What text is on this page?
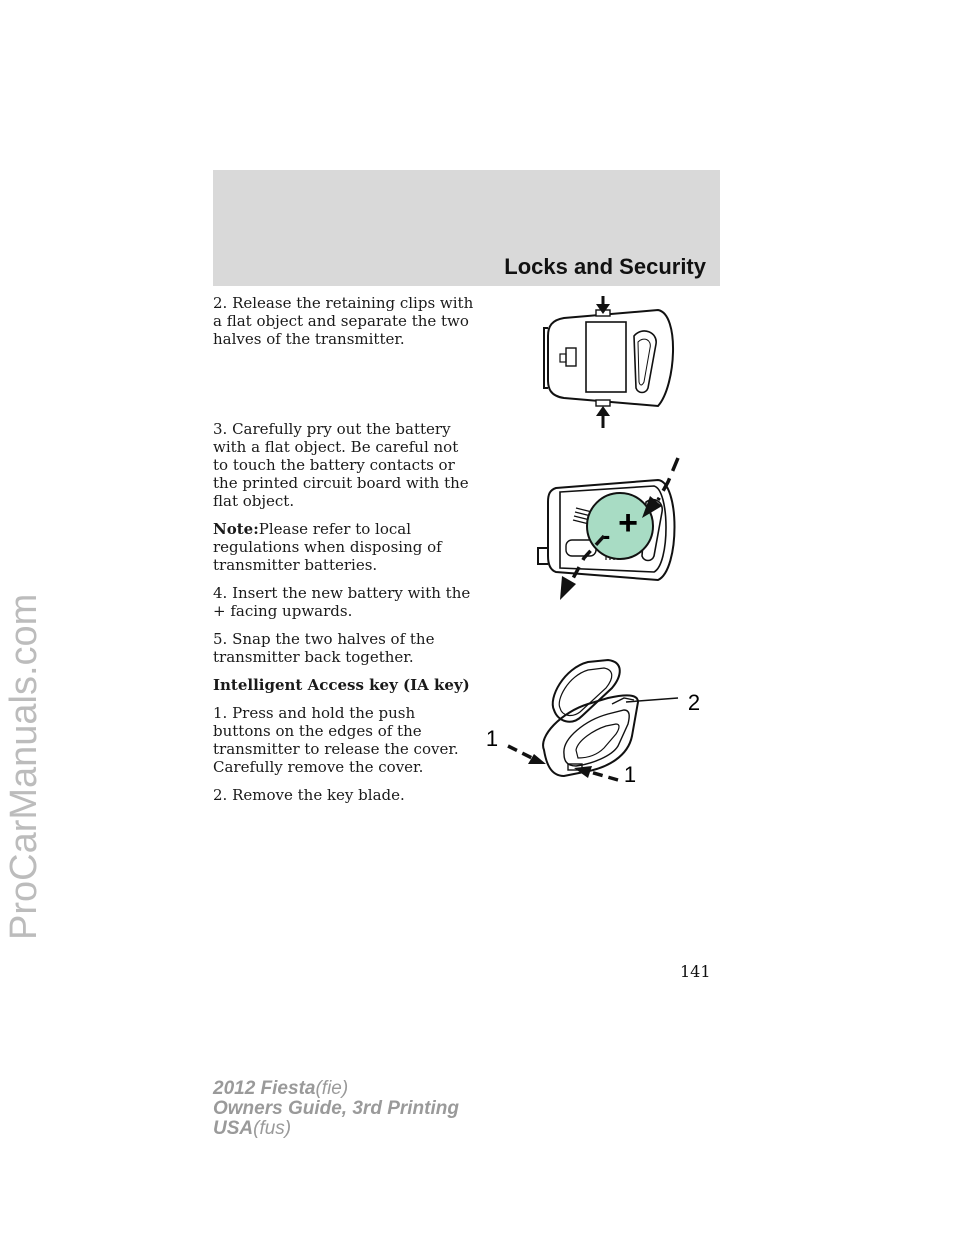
Locks and Security

2. Release the retaining clips with a flat object and separate the two halves of the transmitter.

3. Carefully pry out the battery with a flat object. Be careful not to touch the battery contacts or the printed circuit board with the flat object.

Note:Please refer to local regulations when disposing of transmitter batteries.

4. Insert the new battery with the + facing upwards.

5. Snap the two halves of the transmitter back together.

Intelligent Access key (IA key)

1. Press and hold the push buttons on the edges of the transmitter to release the cover. Carefully remove the cover.

2. Remove the key blade.

+
-
2
1
1
141
2012 Fiesta(fie)
Owners Guide, 3rd Printing
USA(fus)
ProCarManuals.com
